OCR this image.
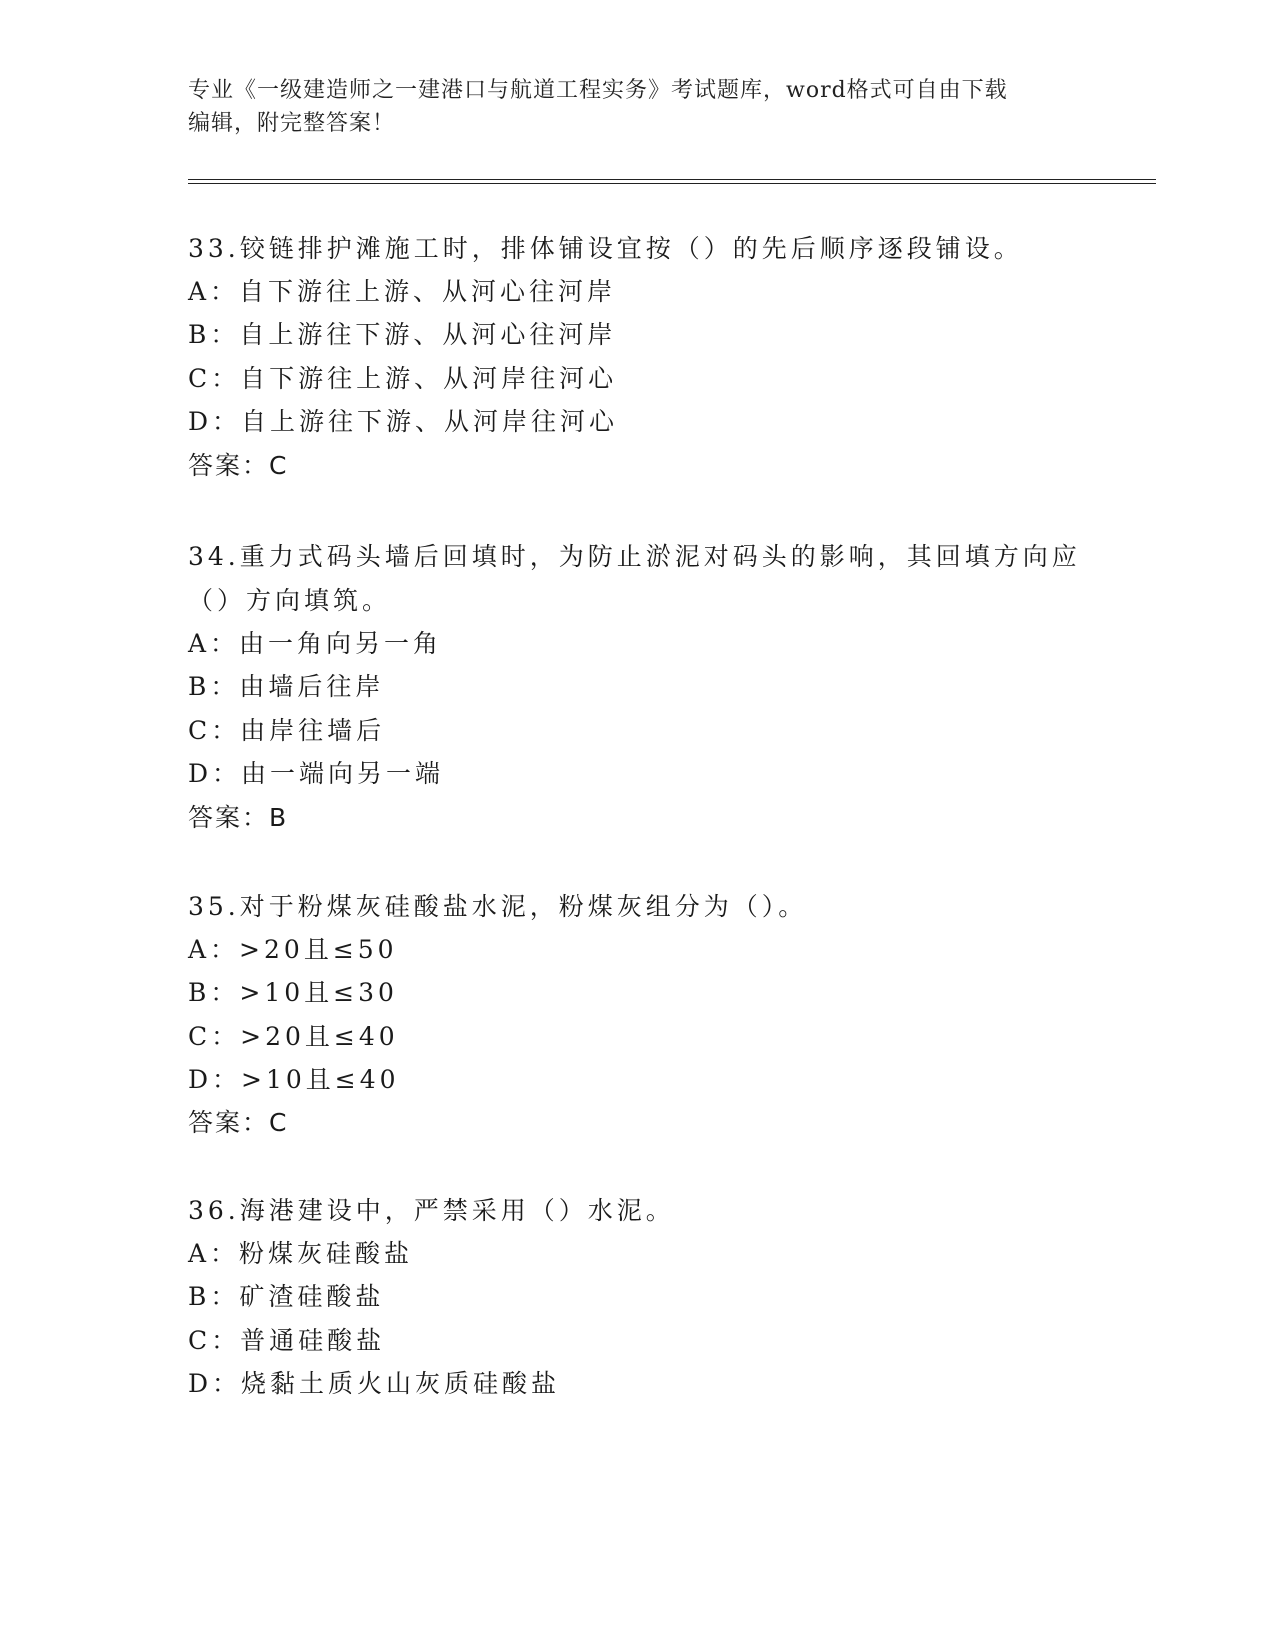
专业《一级建造师之一建港口与航道工程实务》考试题库，word格式可自由下载
编辑，附完整答案！
33.铰链排护滩施工时，排体铺设宜按（）的先后顺序逐段铺设。
A：自下游往上游、从河心往河岸
B：自上游往下游、从河心往河岸
C：自下游往上游、从河岸往河心
D：自上游往下游、从河岸往河心
答案：C
34.重力式码头墙后回填时，为防止淤泥对码头的影响，其回填方向应
（）方向填筑。
A：由一角向另一角
B：由墙后往岸
C：由岸往墙后
D：由一端向另一端
答案：B
35.对于粉煤灰硅酸盐水泥，粉煤灰组分为（）。
A：>20且≤50
B：>10且≤30
C：>20且≤40
D：>10且≤40
答案：C
36.海港建设中，严禁采用（）水泥。
A：粉煤灰硅酸盐
B：矿渣硅酸盐
C：普通硅酸盐
D：烧黏土质火山灰质硅酸盐
